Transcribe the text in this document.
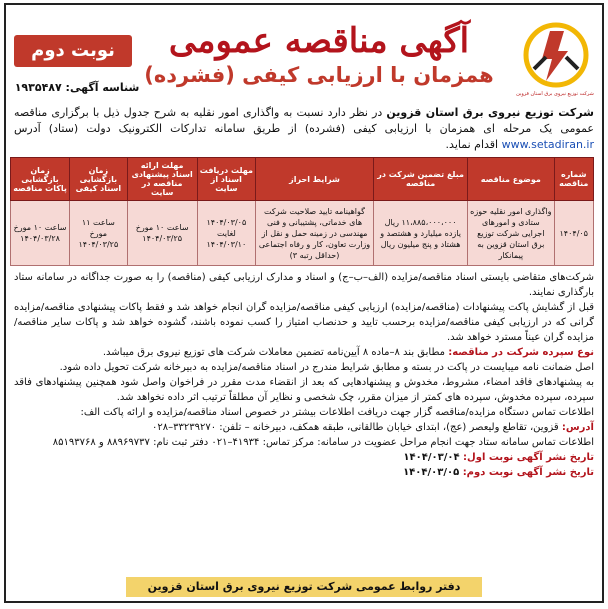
شرکت توزیع نیروی برق استان قزوین
آگهی مناقصه عمومی
همزمان با ارزیابی کیفی (فشرده)
نوبت دوم
شناسه آگهی: ۱۹۳۵۴۸۷
شرکت توزیع نیروی برق استان قزوین در نظر دارد نسبت به واگذاری امور نقلیه به شرح جدول ذیل با برگزاری مناقصه عمومی یک مرحله ای همزمان با ارزیابی کیفی (فشرده) از طریق سامانه تدارکات الکترونیک دولت (ستاد) آدرس www.setadiran.ir اقدام نماید.
شماره مناقصه	موضوع مناقصه	مبلغ تضمین شرکت در مناقصه	شرایط احراز	مهلت دریافت اسناد از سایت	مهلت ارائه اسناد پیشنهادی مناقصه در سایت	زمان بازگشایی اسناد کیفی	زمان بازگشایی پاکات مناقصه
۱۴۰۴/۰۵	واگذاری امور نقلیه حوزه ستادی و امورهای اجرایی شرکت توزیع برق استان قزوین به پیمانکار	۱۱،۸۸۵،۰۰۰،۰۰۰ ریال یازده میلیارد و هشتصد و هشتاد و پنج میلیون ریال	گواهینامه تایید صلاحیت شرکت های خدماتی، پشتیبانی و فنی مهندسی در زمینه حمل و نقل از وزارت تعاون، کار و رفاه اجتماعی (حداقل رتبه ۳)	۱۴۰۴/۰۳/۰۵ لغایت ۱۴۰۴/۰۳/۱۰	ساعت ۱۰ مورخ ۱۴۰۴/۰۳/۲۵	ساعت ۱۱ مورخ ۱۴۰۴/۰۳/۲۵	ساعت ۱۰ مورخ ۱۴۰۴/۰۳/۲۸
شرکت‌های متقاضی بایستی اسناد مناقصه/مزایده (الف–ب–ج) و اسناد و مدارک ارزیابی کیفی (مناقصه) را به صورت جداگانه در سامانه ستاد بارگذاری نمایند.
قبل از گشایش پاکت پیشنهادات (مناقصه/مزایده) ارزیابی کیفی مناقصه/مزایده گران انجام خواهد شد و فقط پاکات پیشنهادی مناقصه/مزایده گرانی که در ارزیابی کیفی مناقصه/مزایده برحسب تایید و حدنصاب امتیاز را کسب نموده باشند، گشوده خواهد شد و پاکات سایر مناقصه/مزایده گران عیناً مسترد خواهد شد.
نوع سپرده شرکت در مناقصه: مطابق بند ۸–ماده ۸ آیین‌نامه تضمین معاملات شرکت های توزیع نیروی برق میباشد.
اصل ضمانت نامه میبایست در پاکت در بسته و مطابق شرایط مندرج در اسناد مناقصه/مزایده به دبیرخانه شرکت تحویل داده شود.
به پیشنهادهای فاقد امضاء، مشروط، مخدوش و پیشنهادهایی که بعد از انقضاء مدت مقرر در فراخوان واصل شود همچنین پیشنهادهای فاقد سپرده، سپرده مخدوش، سپرده های کمتر از میزان مقرر، چک شخصی و نظایر آن مطلقاً ترتیب اثر داده نخواهد شد.
اطلاعات تماس دستگاه مزایده/مناقصه گزار جهت دریافت اطلاعات بیشتر در خصوص اسناد مناقصه/مزایده و ارائه پاکت الف:
آدرس: قزوین، تقاطع ولیعصر (عج)، ابتدای خیابان طالقانی، طبقه همکف، دبیرخانه – تلفن: ۳۳۲۳۹۲۷۰–۰۲۸
اطلاعات تماس سامانه ستاد جهت انجام مراحل عضویت در سامانه: مرکز تماس: ۴۱۹۳۴–۰۲۱ دفتر ثبت نام: ۸۸۹۶۹۷۳۷ و ۸۵۱۹۳۷۶۸
تاریخ نشر آگهی نوبت اول: ۱۴۰۴/۰۳/۰۴
تاریخ نشر آگهی نوبت دوم: ۱۴۰۴/۰۳/۰۵
دفتر روابط عمومی شرکت توزیع نیروی برق استان قزوین
